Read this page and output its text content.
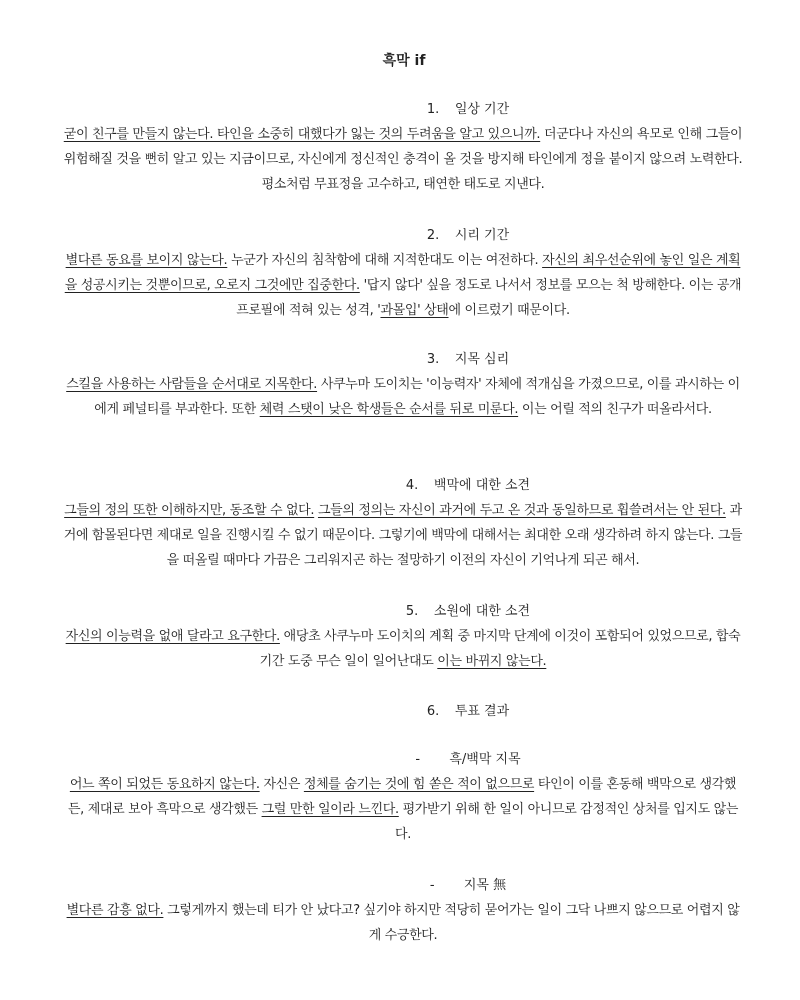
흑막 if
1. 일상 기간
굳이 친구를 만들지 않는다. 타인을 소중히 대했다가 잃는 것의 두려움을 알고 있으니까. 더군다나 자신의 욕모로 인해 그들이 위험해질 것을 뻔히 알고 있는 지금이므로, 자신에게 정신적인 충격이 올 것을 방지해 타인에게 정을 붙이지 않으려 노력한다. 평소처럼 무표정을 고수하고, 태연한 태도로 지낸다.
2. 시리 기간
별다른 동요를 보이지 않는다. 누군가 자신의 침착함에 대해 지적한대도 이는 여전하다. 자신의 최우선순위에 놓인 일은 계획을 성공시키는 것뿐이므로, 오로지 그것에만 집중한다. '답지 않다' 싶을 정도로 나서서 정보를 모으는 척 방해한다. 이는 공개 프로필에 적혀 있는 성격, '과몰입' 상태에 이르렀기 때문이다.
3. 지목 심리
스킬을 사용하는 사람들을 순서대로 지목한다. 사쿠누마 도이치는 '이능력자' 자체에 적개심을 가졌으므로, 이를 과시하는 이에게 페널티를 부과한다. 또한 체력 스탯이 낮은 학생들은 순서를 뒤로 미룬다. 이는 어릴 적의 친구가 떠올라서다.
4. 백막에 대한 소견
그들의 정의 또한 이해하지만, 동조할 수 없다. 그들의 정의는 자신이 과거에 두고 온 것과 동일하므로 휩쓸려서는 안 된다. 과거에 함몰된다면 제대로 일을 진행시킬 수 없기 때문이다. 그렇기에 백막에 대해서는 최대한 오래 생각하려 하지 않는다. 그들을 떠올릴 때마다 가끔은 그리워지곤 하는 절망하기 이전의 자신이 기억나게 되곤 해서.
5. 소원에 대한 소견
자신의 이능력을 없애 달라고 요구한다. 애당초 사쿠누마 도이치의 계획 중 마지막 단계에 이것이 포함되어 있었으므로, 합숙 기간 도중 무슨 일이 일어난대도 이는 바뀌지 않는다.
6. 투표 결과
- 흑/백막 지목
어느 쪽이 되었든 동요하지 않는다. 자신은 정체를 숨기는 것에 힘 쏟은 적이 없으므로 타인이 이를 혼동해 백막으로 생각했든, 제대로 보아 흑막으로 생각했든 그럴 만한 일이라 느낀다. 평가받기 위해 한 일이 아니므로 감정적인 상처를 입지도 않는다.
- 지목 無
별다른 감흥 없다. 그렇게까지 했는데 티가 안 났다고? 싶기야 하지만 적당히 묻어가는 일이 그닥 나쁘지 않으므로 어렵지 않게 수긍한다.
